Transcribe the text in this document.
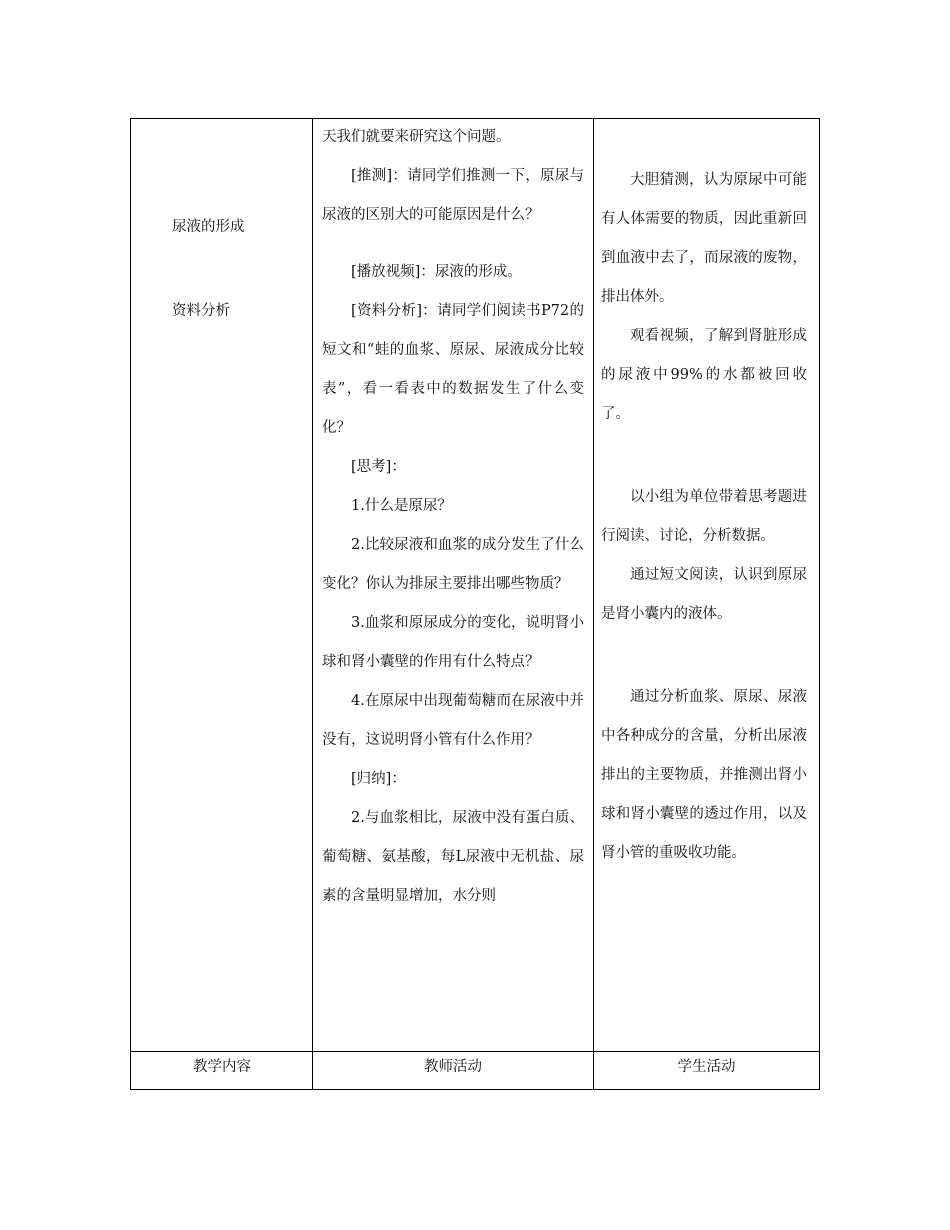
尿液的形成
资料分析

天我们就要来研究这个问题。

[推测]：请同学们推测一下，原尿与尿液的区别大的可能原因是什么？

[播放视频]：尿液的形成。

[资料分析]：请同学们阅读书P72的短文和“蛙的血浆、原尿、尿液成分比较表”，看一看表中的数据发生了什么变化？

[思考]：

1.什么是原尿？

2.比较尿液和血浆的成分发生了什么变化？你认为排尿主要排出哪些物质？

3.血浆和原尿成分的变化，说明肾小球和肾小囊壁的作用有什么特点？

4.在原尿中出现葡萄糖而在尿液中并没有，这说明肾小管有什么作用？

[归纳]：

2.与血浆相比，尿液中没有蛋白质、葡萄糖、氨基酸，每L尿液中无机盐、尿素的含量明显增加，水分则

大胆猜测，认为原尿中可能有人体需要的物质，因此重新回到血液中去了，而尿液的废物，排出体外。

观看视频，了解到肾脏形成的尿液中99%的水都被回收了。

以小组为单位带着思考题进行阅读、讨论，分析数据。

通过短文阅读，认识到原尿是肾小囊内的液体。

通过分析血浆、原尿、尿液中各种成分的含量，分析出尿液排出的主要物质，并推测出肾小球和肾小囊壁的透过作用，以及肾小管的重吸收功能。

教学内容	教师活动	学生活动
